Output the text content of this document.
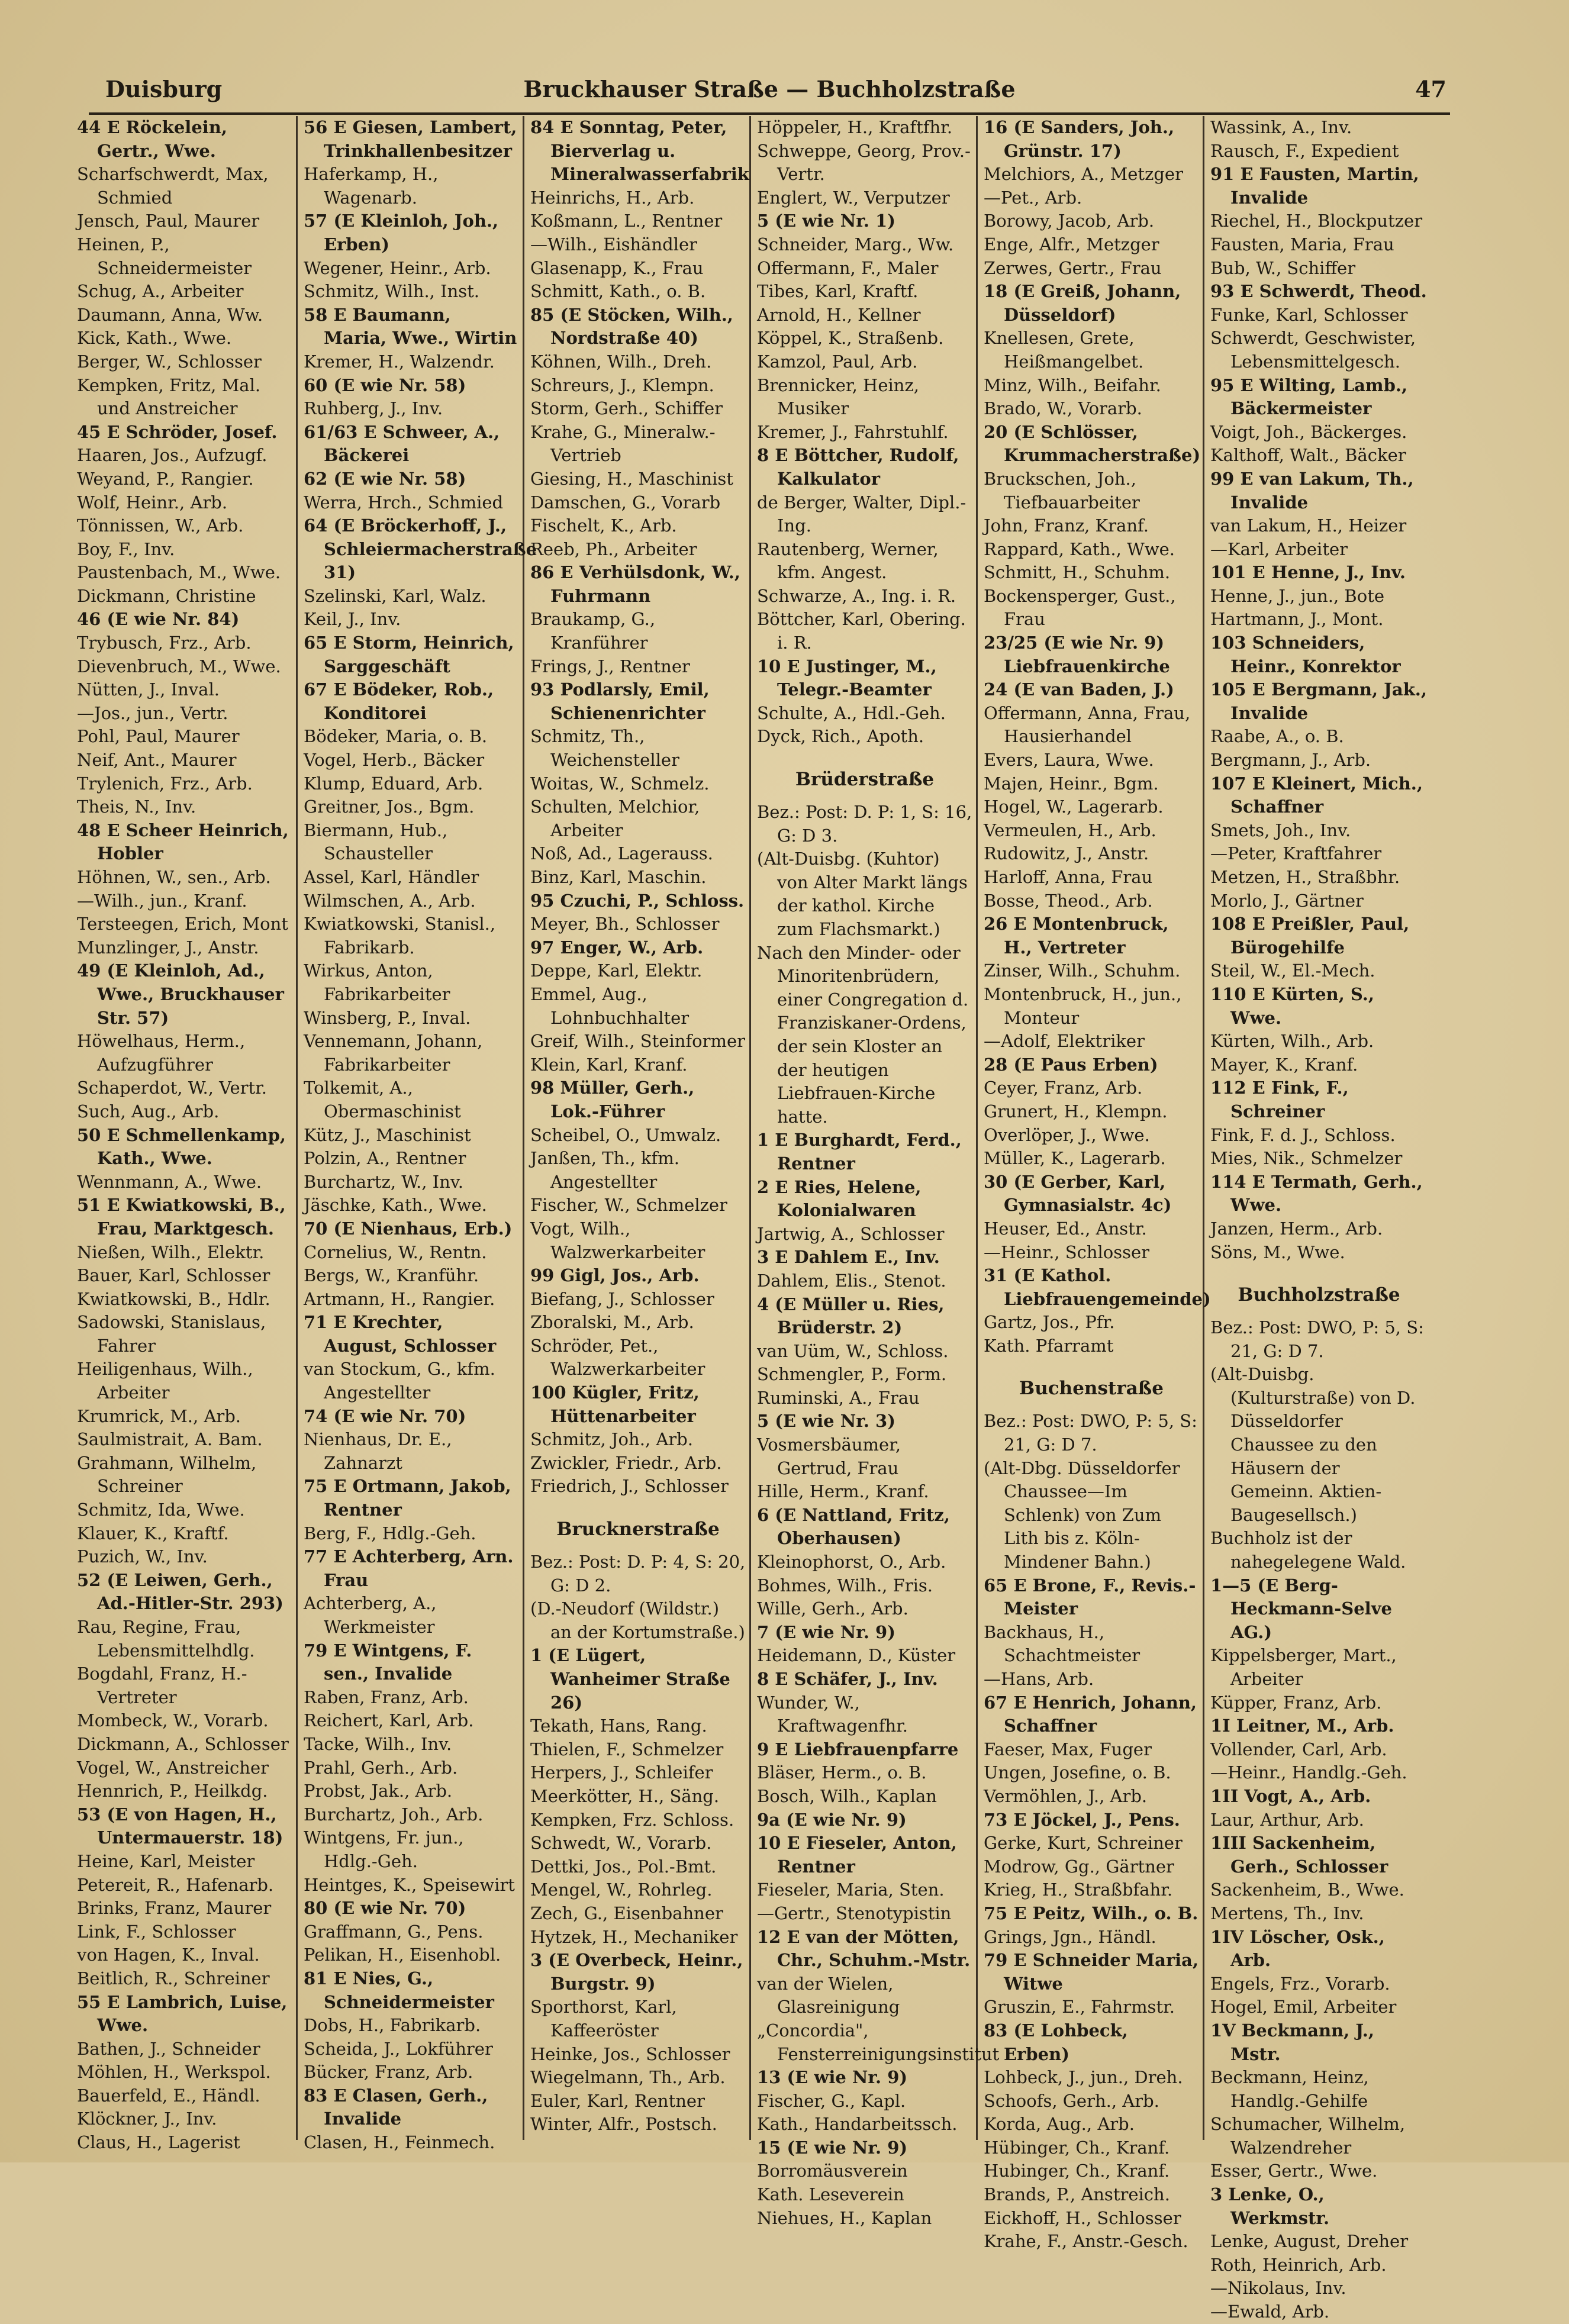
Duisburg	Bruckhauser Straße — Buchholzstraße	47
44 E Röckelein, Gertr., Wwe.
Scharfschwerdt, Max, Schmied
Jensch, Paul, Maurer
Heinen, P., Schneidermeister
Schug, A., Arbeiter
Daumann, Anna, Ww.
Kick, Kath., Wwe.
Berger, W., Schlosser
Kempken, Fritz, Mal. und Anstreicher
45 E Schröder, Josef.
Haaren, Jos., Aufzugf.
Weyand, P., Rangier.
Wolf, Heinr., Arb.
Tönnissen, W., Arb.
Boy, F., Inv.
Paustenbach, M., Wwe.
Dickmann, Christine
46 (E wie Nr. 84)
Trybusch, Frz., Arb.
Dievenbruch, M., Wwe.
Nütten, J., Inval.
—Jos., jun., Vertr.
Pohl, Paul, Maurer
Neif, Ant., Maurer
Trylenich, Frz., Arb.
Theis, N., Inv.
48 E Scheer Heinrich, Hobler
Höhnen, W., sen., Arb.
—Wilh., jun., Kranf.
Tersteegen, Erich, Mont
Munzlinger, J., Anstr.
49 (E Kleinloh, Ad., Wwe., Bruckhauser Str. 57)
Höwelhaus, Herm., Aufzugführer
Schaperdot, W., Vertr.
Such, Aug., Arb.
50 E Schmellenkamp, Kath., Wwe.
Wennmann, A., Wwe.
51 E Kwiatkowski, B., Frau, Marktgesch.
Nießen, Wilh., Elektr.
Bauer, Karl, Schlosser
Kwiatkowski, B., Hdlr.
Sadowski, Stanislaus, Fahrer
Heiligenhaus, Wilh., Arbeiter
Krumrick, M., Arb.
Saulmistrait, A. Bam.
Grahmann, Wilhelm, Schreiner
Schmitz, Ida, Wwe.
Klauer, K., Kraftf.
Puzich, W., Inv.
52 (E Leiwen, Gerh., Ad.-Hitler-Str. 293)
Rau, Regine, Frau, Lebensmittelhdlg.
Bogdahl, Franz, H.-Vertreter
Mombeck, W., Vorarb.
Dickmann, A., Schlosser
Vogel, W., Anstreicher
Hennrich, P., Heilkdg.
53 (E von Hagen, H., Untermauerstr. 18)
Heine, Karl, Meister
Petereit, R., Hafenarb.
Brinks, Franz, Maurer
Link, F., Schlosser
von Hagen, K., Inval.
Beitlich, R., Schreiner
55 E Lambrich, Luise, Wwe.
Bathen, J., Schneider
Möhlen, H., Werkspol.
Bauerfeld, E., Händl.
Klöckner, J., Inv.
Claus, H., Lagerist
56 E Giesen, Lambert, Trinkhallenbesitzer
Haferkamp, H., Wagenarb.
57 (E Kleinloh, Joh., Erben)
Wegener, Heinr., Arb.
Schmitz, Wilh., Inst.
58 E Baumann, Maria, Wwe., Wirtin
Kremer, H., Walzendr.
60 (E wie Nr. 58)
Ruhberg, J., Inv.
61/63 E Schweer, A., Bäckerei
62 (E wie Nr. 58)
Werra, Hrch., Schmied
64 (E Bröckerhoff, J., Schleiermacherstraße 31)
Szelinski, Karl, Walz.
Keil, J., Inv.
65 E Storm, Heinrich, Sarggeschäft
67 E Bödeker, Rob., Konditorei
Bödeker, Maria, o. B.
Vogel, Herb., Bäcker
Klump, Eduard, Arb.
Greitner, Jos., Bgm.
Biermann, Hub., Schausteller
Assel, Karl, Händler
Wilmschen, A., Arb.
Kwiatkowski, Stanisl., Fabrikarb.
Wirkus, Anton, Fabrikarbeiter
Winsberg, P., Inval.
Vennemann, Johann, Fabrikarbeiter
Tolkemit, A., Obermaschinist
Kütz, J., Maschinist
Polzin, A., Rentner
Burchartz, W., Inv.
Jäschke, Kath., Wwe.
70 (E Nienhaus, Erb.)
Cornelius, W., Rentn.
Bergs, W., Kranführ.
Artmann, H., Rangier.
71 E Krechter, August, Schlosser
van Stockum, G., kfm. Angestellter
74 (E wie Nr. 70)
Nienhaus, Dr. E., Zahnarzt
75 E Ortmann, Jakob, Rentner
Berg, F., Hdlg.-Geh.
77 E Achterberg, Arn. Frau
Achterberg, A., Werkmeister
79 E Wintgens, F. sen., Invalide
Raben, Franz, Arb.
Reichert, Karl, Arb.
Tacke, Wilh., Inv.
Prahl, Gerh., Arb.
Probst, Jak., Arb.
Burchartz, Joh., Arb.
Wintgens, Fr. jun., Hdlg.-Geh.
Heintges, K., Speisewirt
80 (E wie Nr. 70)
Graffmann, G., Pens.
Pelikan, H., Eisenhobl.
81 E Nies, G., Schneidermeister
Dobs, H., Fabrikarb.
Scheida, J., Lokführer
Bücker, Franz, Arb.
83 E Clasen, Gerh., Invalide
Clasen, H., Feinmech.
84 E Sonntag, Peter, Bierverlag u. Mineralwasserfabrik
Heinrichs, H., Arb.
Koßmann, L., Rentner
—Wilh., Eishändler
Glasenapp, K., Frau
Schmitt, Kath., o. B.
85 (E Stöcken, Wilh., Nordstraße 40)
Köhnen, Wilh., Dreh.
Schreurs, J., Klempn.
Storm, Gerh., Schiffer
Krahe, G., Mineralw.-Vertrieb
Giesing, H., Maschinist
Damschen, G., Vorarb
Fischelt, K., Arb.
Reeb, Ph., Arbeiter
86 E Verhülsdonk, W., Fuhrmann
Braukamp, G., Kranführer
Frings, J., Rentner
93 Podlarsly, Emil, Schienenrichter
Schmitz, Th., Weichensteller
Woitas, W., Schmelz.
Schulten, Melchior, Arbeiter
Noß, Ad., Lagerauss.
Binz, Karl, Maschin.
95 Czuchi, P., Schloss.
Meyer, Bh., Schlosser
97 Enger, W., Arb.
Deppe, Karl, Elektr.
Emmel, Aug., Lohnbuchhalter
Greif, Wilh., Steinformer
Klein, Karl, Kranf.
98 Müller, Gerh., Lok.-Führer
Scheibel, O., Umwalz.
Janßen, Th., kfm. Angestellter
Fischer, W., Schmelzer
Vogt, Wilh., Walzwerkarbeiter
99 Gigl, Jos., Arb.
Biefang, J., Schlosser
Zboralski, M., Arb.
Schröder, Pet., Walzwerkarbeiter
100 Kügler, Fritz, Hüttenarbeiter
Schmitz, Joh., Arb.
Zwickler, Friedr., Arb.
Friedrich, J., Schlosser
Brucknerstraße
Bez.: Post: D. P: 4, S: 20, G: D 2.
(D.-Neudorf (Wildstr.) an der Kortumstraße.)
1 (E Lügert, Wanheimer Straße 26)
Tekath, Hans, Rang.
Thielen, F., Schmelzer
Herpers, J., Schleifer
Meerkötter, H., Säng.
Kempken, Frz. Schloss.
Schwedt, W., Vorarb.
Dettki, Jos., Pol.-Bmt.
Mengel, W., Rohrleg.
Zech, G., Eisenbahner
Hytzek, H., Mechaniker
3 (E Overbeck, Heinr., Burgstr. 9)
Sporthorst, Karl, Kaffeeröster
Heinke, Jos., Schlosser
Wiegelmann, Th., Arb.
Euler, Karl, Rentner
Winter, Alfr., Postsch.
Höppeler, H., Kraftfhr.
Schweppe, Georg, Prov.-Vertr.
Englert, W., Verputzer
5 (E wie Nr. 1)
Schneider, Marg., Ww.
Offermann, F., Maler
Tibes, Karl, Kraftf.
Arnold, H., Kellner
Köppel, K., Straßenb.
Kamzol, Paul, Arb.
Brennicker, Heinz, Musiker
Kremer, J., Fahrstuhlf.
8 E Böttcher, Rudolf, Kalkulator
de Berger, Walter, Dipl.-Ing.
Rautenberg, Werner, kfm. Angest.
Schwarze, A., Ing. i. R.
Böttcher, Karl, Obering. i. R.
10 E Justinger, M., Telegr.-Beamter
Schulte, A., Hdl.-Geh.
Dyck, Rich., Apoth.
Brüderstraße
Bez.: Post: D. P: 1, S: 16, G: D 3.
(Alt-Duisbg. (Kuhtor) von Alter Markt längs der kathol. Kirche zum Flachsmarkt.)
Nach den Minder- oder Minoritenbrüdern, einer Congregation d. Franziskaner-Ordens, der sein Kloster an der heutigen Liebfrauen-Kirche hatte.
1 E Burghardt, Ferd., Rentner
2 E Ries, Helene, Kolonialwaren
Jartwig, A., Schlosser
3 E Dahlem E., Inv.
Dahlem, Elis., Stenot.
4 (E Müller u. Ries, Brüderstr. 2)
van Uüm, W., Schloss.
Schmengler, P., Form.
Ruminski, A., Frau
5 (E wie Nr. 3)
Vosmersbäumer, Gertrud, Frau
Hille, Herm., Kranf.
6 (E Nattland, Fritz, Oberhausen)
Kleinophorst, O., Arb.
Bohmes, Wilh., Fris.
Wille, Gerh., Arb.
7 (E wie Nr. 9)
Heidemann, D., Küster
8 E Schäfer, J., Inv.
Wunder, W., Kraftwagenfhr.
9 E Liebfrauenpfarre
Bläser, Herm., o. B.
Bosch, Wilh., Kaplan
9a (E wie Nr. 9)
10 E Fieseler, Anton, Rentner
Fieseler, Maria, Sten.
—Gertr., Stenotypistin
12 E van der Mötten, Chr., Schuhm.-Mstr.
van der Wielen, Glasreinigung
„Concordia", Fensterreinigungsinstitut
13 (E wie Nr. 9)
Fischer, G., Kapl.
Kath., Handarbeitssch.
15 (E wie Nr. 9)
Borromäusverein
Kath. Leseverein
Niehues, H., Kaplan
16 (E Sanders, Joh., Grünstr. 17)
Melchiors, A., Metzger
—Pet., Arb.
Borowy, Jacob, Arb.
Enge, Alfr., Metzger
Zerwes, Gertr., Frau
18 (E Greiß, Johann, Düsseldorf)
Knellesen, Grete, Heißmangelbet.
Minz, Wilh., Beifahr.
Brado, W., Vorarb.
20 (E Schlösser, Krummacherstraße)
Bruckschen, Joh., Tiefbauarbeiter
John, Franz, Kranf.
Rappard, Kath., Wwe.
Schmitt, H., Schuhm.
Bockensperger, Gust., Frau
23/25 (E wie Nr. 9) Liebfrauenkirche
24 (E van Baden, J.)
Offermann, Anna, Frau, Hausierhandel
Evers, Laura, Wwe.
Majen, Heinr., Bgm.
Hogel, W., Lagerarb.
Vermeulen, H., Arb.
Rudowitz, J., Anstr.
Harloff, Anna, Frau
Bosse, Theod., Arb.
26 E Montenbruck, H., Vertreter
Zinser, Wilh., Schuhm.
Montenbruck, H., jun., Monteur
—Adolf, Elektriker
28 (E Paus Erben)
Ceyer, Franz, Arb.
Grunert, H., Klempn.
Overlöper, J., Wwe.
Müller, K., Lagerarb.
30 (E Gerber, Karl, Gymnasialstr. 4c)
Heuser, Ed., Anstr.
—Heinr., Schlosser
31 (E Kathol. Liebfrauengemeinde)
Gartz, Jos., Pfr.
Kath. Pfarramt
Buchenstraße
Bez.: Post: DWO, P: 5, S: 21, G: D 7.
(Alt-Dbg. Düsseldorfer Chaussee—Im Schlenk) von Zum Lith bis z. Köln-Mindener Bahn.)
65 E Brone, F., Revis.-Meister
Backhaus, H., Schachtmeister
—Hans, Arb.
67 E Henrich, Johann, Schaffner
Faeser, Max, Fuger
Ungen, Josefine, o. B.
Vermöhlen, J., Arb.
73 E Jöckel, J., Pens.
Gerke, Kurt, Schreiner
Modrow, Gg., Gärtner
Krieg, H., Straßbfahr.
75 E Peitz, Wilh., o. B.
Grings, Jgn., Händl.
79 E Schneider Maria, Witwe
Gruszin, E., Fahrmstr.
83 (E Lohbeck, Erben)
Lohbeck, J., jun., Dreh.
Schoofs, Gerh., Arb.
Korda, Aug., Arb.
Hübinger, Ch., Kranf.
Hubinger, Ch., Kranf.
Brands, P., Anstreich.
Eickhoff, H., Schlosser
Krahe, F., Anstr.-Gesch.
Wassink, A., Inv.
Rausch, F., Expedient
91 E Fausten, Martin, Invalide
Riechel, H., Blockputzer
Fausten, Maria, Frau
Bub, W., Schiffer
93 E Schwerdt, Theod.
Funke, Karl, Schlosser
Schwerdt, Geschwister, Lebensmittelgesch.
95 E Wilting, Lamb., Bäckermeister
Voigt, Joh., Bäckerges.
Kalthoff, Walt., Bäcker
99 E van Lakum, Th., Invalide
van Lakum, H., Heizer
—Karl, Arbeiter
101 E Henne, J., Inv.
Henne, J., jun., Bote
Hartmann, J., Mont.
103 Schneiders, Heinr., Konrektor
105 E Bergmann, Jak., Invalide
Raabe, A., o. B.
Bergmann, J., Arb.
107 E Kleinert, Mich., Schaffner
Smets, Joh., Inv.
—Peter, Kraftfahrer
Metzen, H., Straßbhr.
Morlo, J., Gärtner
108 E Preißler, Paul, Bürogehilfe
Steil, W., El.-Mech.
110 E Kürten, S., Wwe.
Kürten, Wilh., Arb.
Mayer, K., Kranf.
112 E Fink, F., Schreiner
Fink, F. d. J., Schloss.
Mies, Nik., Schmelzer
114 E Termath, Gerh., Wwe.
Janzen, Herm., Arb.
Söns, M., Wwe.
Buchholzstraße
Bez.: Post: DWO, P: 5, S: 21, G: D 7.
(Alt-Duisbg. (Kulturstraße) von D. Düsseldorfer Chaussee zu den Häusern der Gemeinn. Aktien-Baugesellsch.)
Buchholz ist der nahegelegene Wald.
1—5 (E Berg-Heckmann-Selve AG.)
Kippelsberger, Mart., Arbeiter
Küpper, Franz, Arb.
1I Leitner, M., Arb.
Vollender, Carl, Arb.
—Heinr., Handlg.-Geh.
1II Vogt, A., Arb.
Laur, Arthur, Arb.
1III Sackenheim, Gerh., Schlosser
Sackenheim, B., Wwe.
Mertens, Th., Inv.
1IV Löscher, Osk., Arb.
Engels, Frz., Vorarb.
Hogel, Emil, Arbeiter
1V Beckmann, J., Mstr.
Beckmann, Heinz, Handlg.-Gehilfe
Schumacher, Wilhelm, Walzendreher
Esser, Gertr., Wwe.
3 Lenke, O., Werkmstr.
Lenke, August, Dreher
Roth, Heinrich, Arb.
—Nikolaus, Inv.
—Ewald, Arb.
